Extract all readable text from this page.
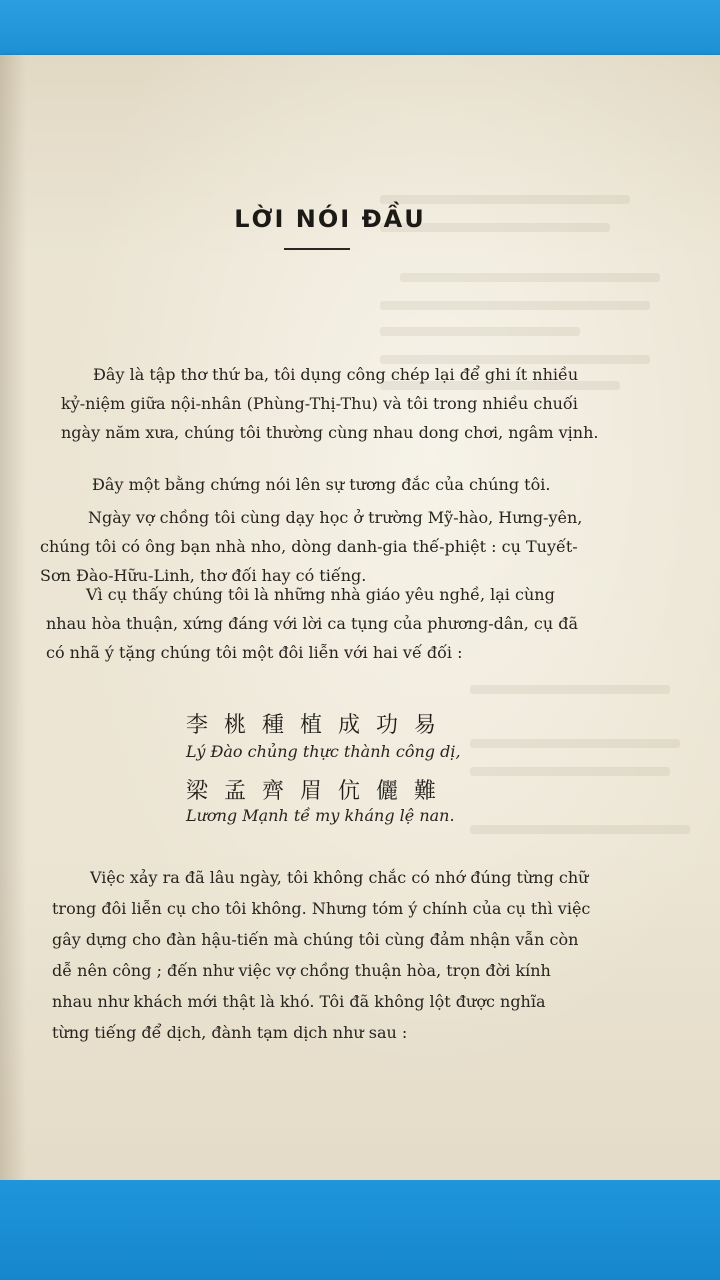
LỜI NÓI ĐẦU

Đây là tập thơ thứ ba, tôi dụng công chép lại để ghi ít nhiều
kỷ-niệm giữa nội-nhân (Phùng-Thị-Thu) và tôi trong nhiều chuối
ngày năm xưa, chúng tôi thường cùng nhau dong chơi, ngâm vịnh.

Đây một bằng chứng nói lên sự tương đắc của chúng tôi.

Ngày vợ chồng tôi cùng dạy học ở trường Mỹ-hào, Hưng-yên,
chúng tôi có ông bạn nhà nho, dòng danh-gia thế-phiệt : cụ Tuyết-
Sơn Đào-Hữu-Linh, thơ đối hay có tiếng.

Vì cụ thấy chúng tôi là những nhà giáo yêu nghề, lại cùng
nhau hòa thuận, xứng đáng với lời ca tụng của phương-dân, cụ đã
có nhã ý tặng chúng tôi một đôi liễn với hai vế đối :

李桃種植成功易
Lý Đào chủng thực thành công dị,
梁孟齊眉伉儷難
Lương Mạnh tề my kháng lệ nan.

Việc xảy ra đã lâu ngày, tôi không chắc có nhớ đúng từng chữ
trong đôi liễn cụ cho tôi không. Nhưng tóm ý chính của cụ thì việc
gây dựng cho đàn hậu-tiến mà chúng tôi cùng đảm nhận vẫn còn
dễ nên công ; đến như việc vợ chồng thuận hòa, trọn đời kính
nhau như khách mới thật là khó. Tôi đã không lột được nghĩa
từng tiếng để dịch, đành tạm dịch như sau :
